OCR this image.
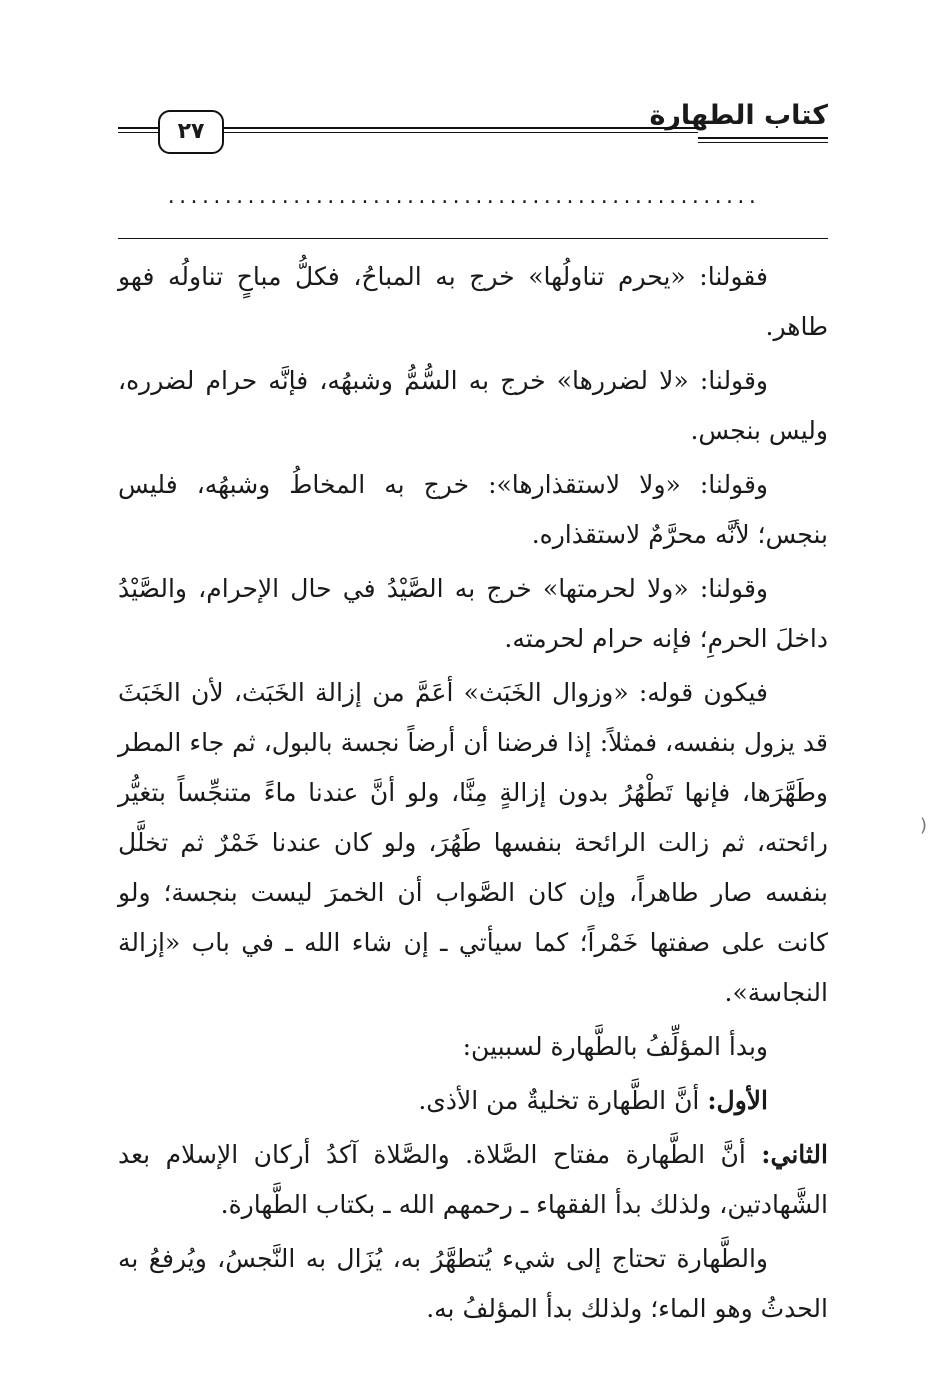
كتاب الطهارة
٢٧
....................................................

فقولنا: «يحرم تناولُها» خرج به المباحُ، فكلُّ مباحٍ تناولُه فهو طاهر.

وقولنا: «لا لضررها» خرج به السُّمُّ وشبهُه، فإنَّه حرام لضرره، وليس بنجس.

وقولنا: «ولا لاستقذارها»: خرج به المخاطُ وشبهُه، فليس بنجس؛ لأنَّه محرَّمٌ لاستقذاره.

وقولنا: «ولا لحرمتها» خرج به الصَّيْدُ في حال الإحرام، والصَّيْدُ داخلَ الحرمِ؛ فإنه حرام لحرمته.

فيكون قوله: «وزوال الخَبَث» أعَمَّ من إزالة الخَبَث، لأن الخَبَثَ قد يزول بنفسه، فمثلاً: إذا فرضنا أن أرضاً نجسة بالبول، ثم جاء المطر وطَهَّرَها، فإنها تَطْهُرُ بدون إزالةٍ مِنَّا، ولو أنَّ عندنا ماءً متنجِّساً بتغيُّر رائحته، ثم زالت الرائحة بنفسها طَهُرَ، ولو كان عندنا خَمْرٌ ثم تخلَّل بنفسه صار طاهراً، وإن كان الصَّواب أن الخمرَ ليست بنجسة؛ ولو كانت على صفتها خَمْراً؛ كما سيأتي ـ إن شاء الله ـ في باب «إزالة النجاسة».

وبدأ المؤلِّفُ بالطَّهارة لسببين:

الأول: أنَّ الطَّهارة تخليةٌ من الأذى.

الثاني: أنَّ الطَّهارة مفتاح الصَّلاة. والصَّلاة آكدُ أركان الإسلام بعد الشَّهادتين، ولذلك بدأ الفقهاء ـ رحمهم الله ـ بكتاب الطَّهارة.

والطَّهارة تحتاج إلى شيء يُتطهَّرُ به، يُزَال به النَّجسُ، ويُرفعُ به الحدثُ وهو الماء؛ ولذلك بدأ المؤلفُ به.

)
